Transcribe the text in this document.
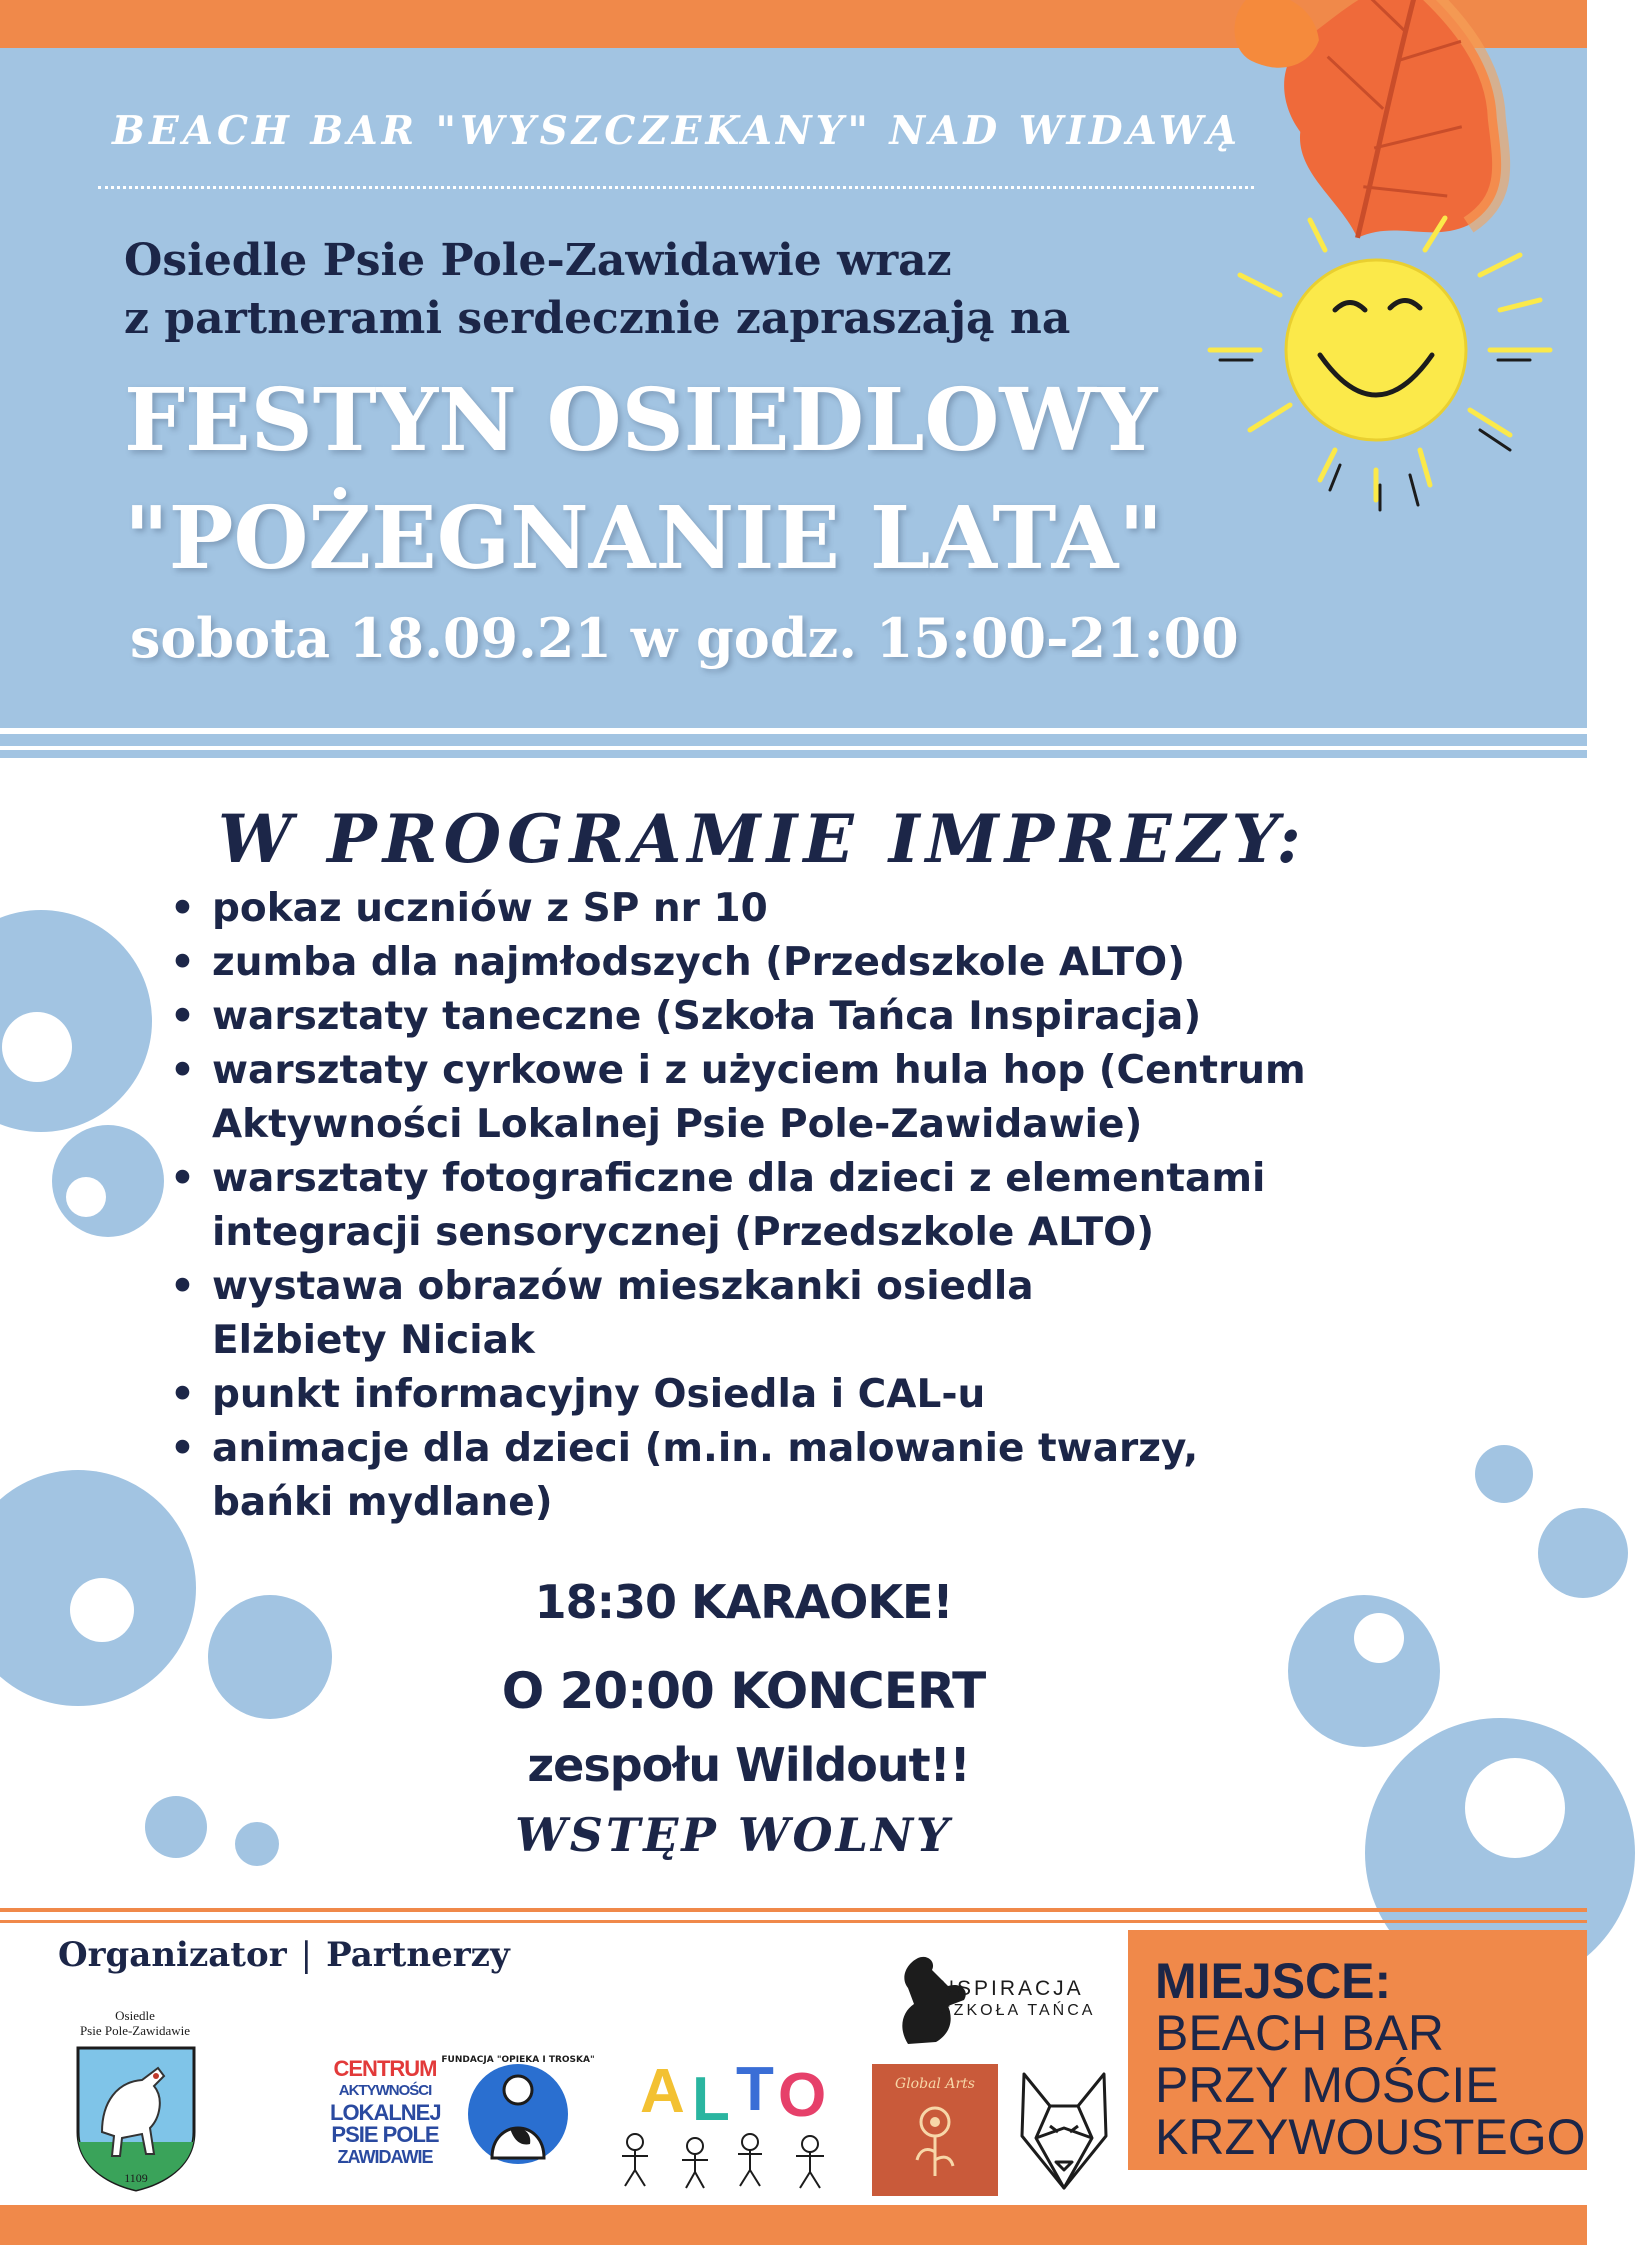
BEACH BAR "WYSZCZEKANY" NAD WIDAWĄ
Osiedle Psie Pole-Zawidawie wraz
z partnerami serdecznie zapraszają na
FESTYN OSIEDLOWY
"POŻEGNANIE LATA"
sobota 18.09.21 w godz. 15:00-21:00
W PROGRAMIE IMPREZY:
• pokaz uczniów z SP nr 10
• zumba dla najmłodszych (Przedszkole ALTO)
• warsztaty taneczne (Szkoła Tańca Inspiracja)
• warsztaty cyrkowe i z użyciem hula hop (Centrum
Aktywności Lokalnej Psie Pole-Zawidawie)
• warsztaty fotograficzne dla dzieci z elementami
integracji sensorycznej (Przedszkole ALTO)
• wystawa obrazów mieszkanki osiedla
Elżbiety Niciak
• punkt informacyjny Osiedla i CAL-u
• animacje dla dzieci (m.in. malowanie twarzy,
bańki mydlane)
18:30 KARAOKE!
O 20:00 KONCERT
zespołu Wildout!!
WSTĘP WOLNY
Organizator | Partnerzy
Osiedle
Psie Pole-Zawidawie
1109
CENTRUM
AKTYWNOŚCI
LOKALNEJ
PSIE POLE
ZAWIDAWIE
FUNDACJA "OPIEKA I TROSKA" A L T O
INSPIRACJA
SZKOŁA TAŃCA
Global Arts
MIEJSCE:
BEACH BAR
PRZY MOŚCIE
KRZYWOUSTEGO
